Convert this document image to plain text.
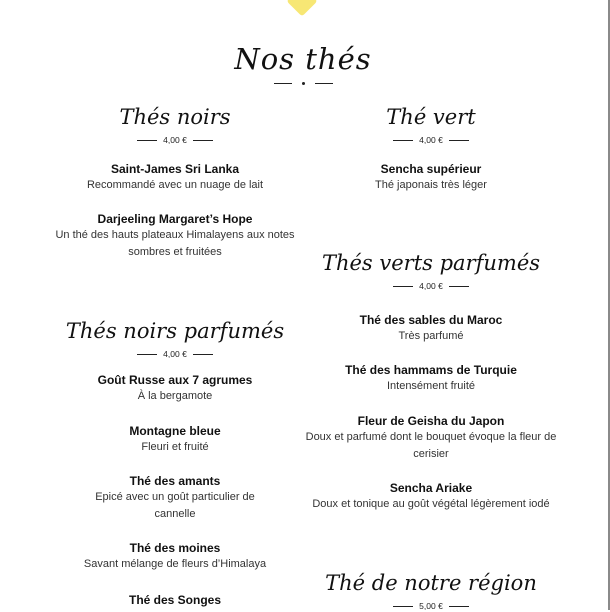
Nos thés
Thés noirs
4,00 €
Saint-James Sri Lanka
Recommandé avec un nuage de lait
Darjeeling Margaret’s Hope
Un thé des hauts plateaux Himalayens aux notes
sombres et fruitées
Thés noirs parfumés
4,00 €
Goût Russe aux 7 agrumes
À la bergamote
Montagne bleue
Fleuri et fruité
Thé des amants
Epicé avec un goût particulier de
cannelle
Thé des moines
Savant mélange de fleurs d’Himalaya
Thé des Songes
Thé vert
4,00 €
Sencha supérieur
Thé japonais très léger
Thés verts parfumés
4,00 €
Thé des sables du Maroc
Très parfumé
Thé des hammams de Turquie
Intensément fruité
Fleur de Geisha du Japon
Doux et parfumé dont le bouquet évoque la fleur de
cerisier
Sencha Ariake
Doux et tonique au goût végétal légèrement iodé
Thé de notre région
5,00 €
